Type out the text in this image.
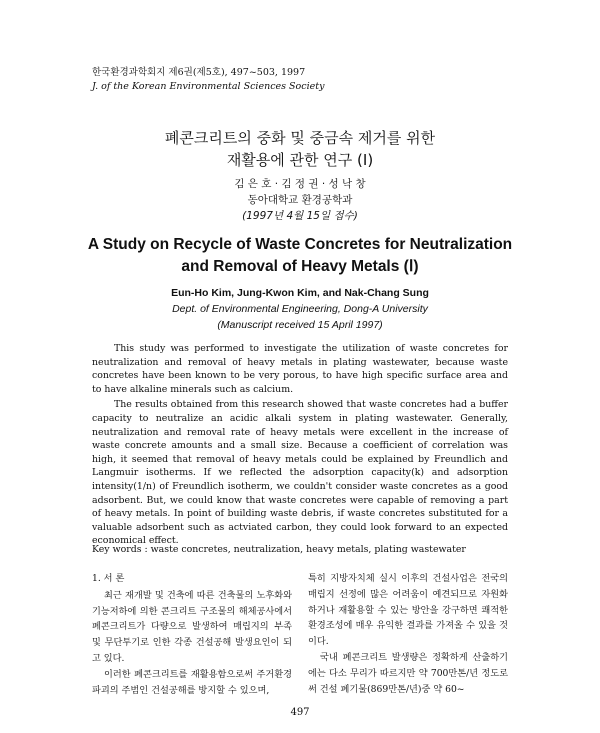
한국환경과학회지 제6권(제5호), 497~503, 1997
J. of the Korean Environmental Sciences Society
폐콘크리트의 중화 및 중금속 제거를 위한
재활용에 관한 연구 (Ⅰ)
김 은 호 · 김 정 권 · 성 낙 창
동아대학교 환경공학과
(1997년 4월 15일 접수)
A Study on Recycle of Waste Concretes for Neutralization
and Removal of Heavy Metals (Ⅰ)
Eun-Ho Kim, Jung-Kwon Kim, and Nak-Chang Sung
Dept. of Environmental Engineering, Dong-A University
(Manuscript received 15 April 1997)

This study was performed to investigate the utilization of waste concretes for neutralization and removal of heavy metals in plating wastewater, because waste concretes have been known to be very porous, to have high specific surface area and to have alkaline minerals such as calcium.

The results obtained from this research showed that waste concretes had a buffer capacity to neutralize an acidic alkali system in plating wastewater. Generally, neutralization and removal rate of heavy metals were excellent in the increase of waste concrete amounts and a small size. Because a coefficient of correlation was high, it seemed that removal of heavy metals could be explained by Freundlich and Langmuir isotherms. If we reflected the adsorption capacity(k) and adsorption intensity(1/n) of Freundlich isotherm, we couldn't consider waste concretes as a good adsorbent. But, we could know that waste concretes were capable of removing a part of heavy metals. In point of building waste debris, if waste concretes substituted for a valuable adsorbent such as actviated carbon, they could look forward to an expected economical effect.

Key words : waste concretes, neutralization, heavy metals, plating wastewater

1. 서 론

최근 재개발 및 건축에 따른 건축물의 노후화와 기능저하에 의한 콘크리트 구조물의 해체공사에서 폐콘크리트가 다량으로 발생하여 매립지의 부족 및 무단투기로 인한 각종 건설공해 발생요인이 되고 있다.

이러한 폐콘크리트를 재활용함으로써 주거환경파괴의 주범인 건설공해를 방지할 수 있으며,

특히 지방자치체 실시 이후의 건설사업은 전국의 매립지 선정에 많은 어려움이 예견되므로 자원화하거나 재활용할 수 있는 방안을 강구하면 쾌적한 환경조성에 매우 유익한 결과를 가져올 수 있을 것이다.

국내 폐콘크리트 발생량은 정확하게 산출하기에는 다소 무리가 따르지만 약 700만톤/년 정도로써 건설 폐기물(869만톤/년)중 약 60~

497
